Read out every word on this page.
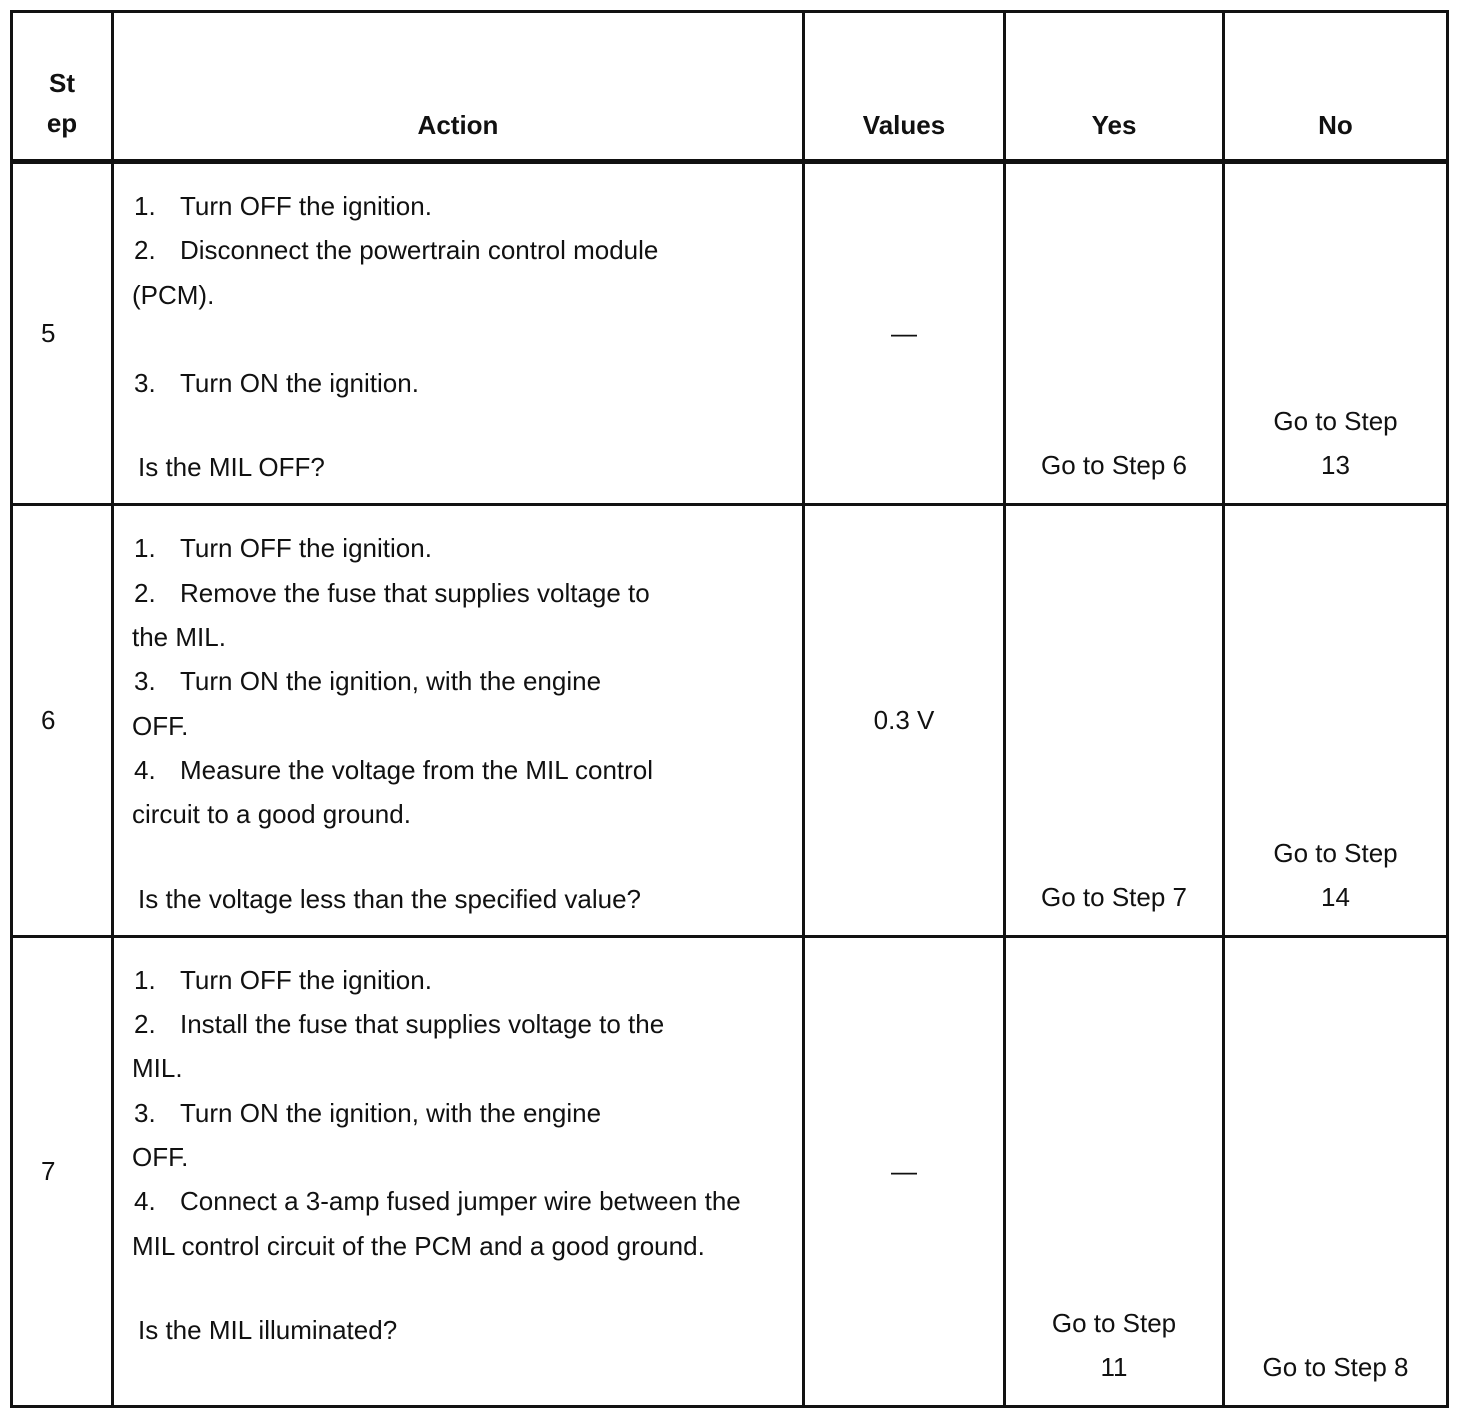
St ep	Action	Values	Yes	No
5	1. Turn OFF the ignition.
2. Disconnect the powertrain control module (PCM).
3. Turn ON the ignition.
Is the MIL OFF?	—	Go to Step 6	Go to Step 13
6	1. Turn OFF the ignition.
2. Remove the fuse that supplies voltage to the MIL.
3. Turn ON the ignition, with the engine OFF.
4. Measure the voltage from the MIL control circuit to a good ground.
Is the voltage less than the specified value?	0.3 V	Go to Step 7	Go to Step 14
7	1. Turn OFF the ignition.
2. Install the fuse that supplies voltage to the MIL.
3. Turn ON the ignition, with the engine OFF.
4. Connect a 3-amp fused jumper wire between the MIL control circuit of the PCM and a good ground.
Is the MIL illuminated?	—	Go to Step 11	Go to Step 8
